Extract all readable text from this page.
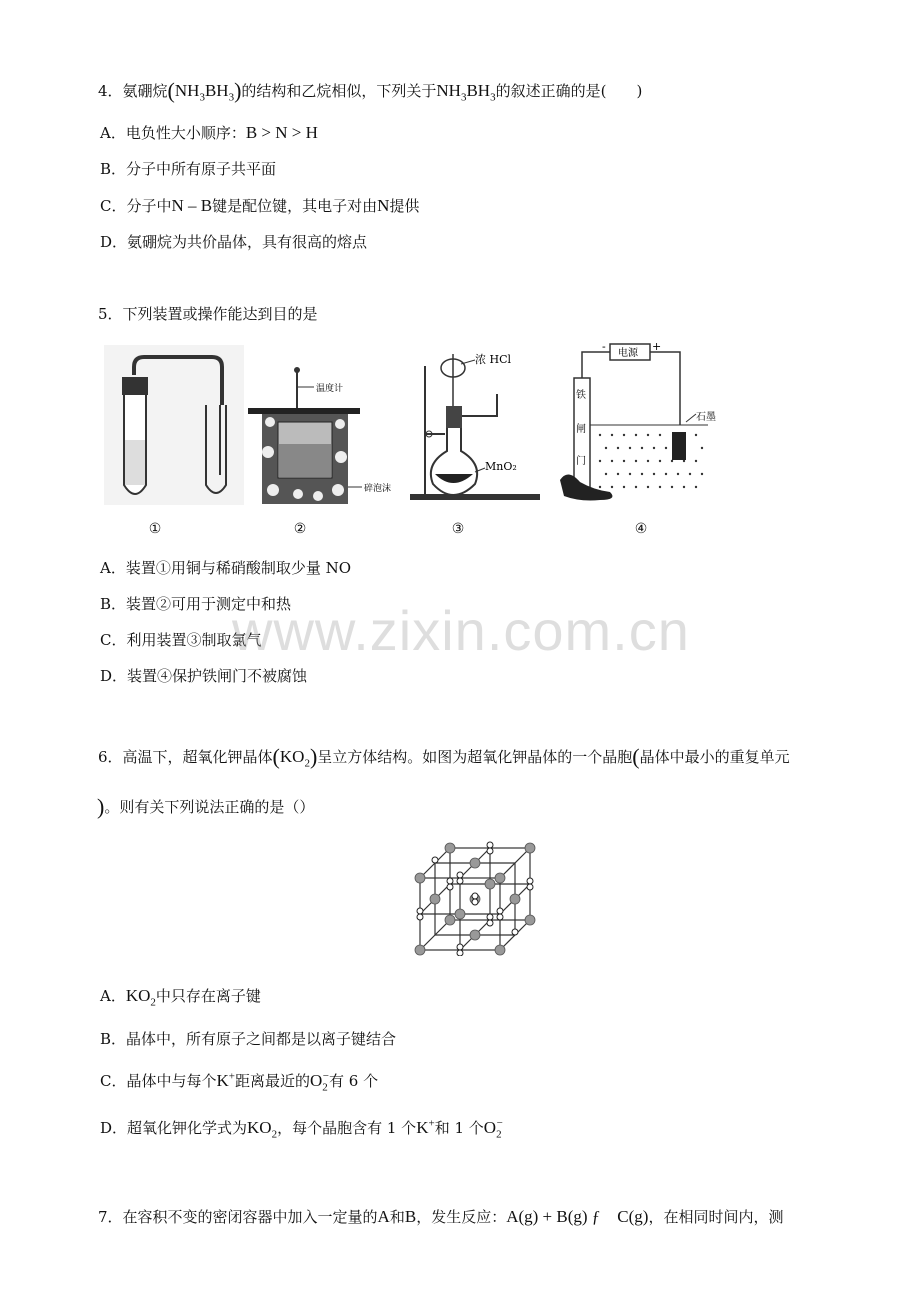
4．氨硼烷$(NH_3BH_3)$的结构和乙烷相似，下列关于$NH_3BH_3$的叙述正确的是(　　)
A．电负性大小顺序：B > N > H
B．分子中所有原子共平面
C．分子中N – B键是配位键，其电子对由N提供
D．氨硼烷为共价晶体，具有很高的熔点
5．下列装置或操作能达到目的是
温度计
碎泡沫
浓 HCl
MnO₂
电源
-	+
铁
闸
门
石墨
①	②	③	④
A．装置①用铜与稀硝酸制取少量 NO
B．装置②可用于测定中和热
C．利用装置③制取氯气
D．装置④保护铁闸门不被腐蚀
www.zixin.com.cn
6．高温下，超氧化钾晶体$(KO_2)$呈立方体结构。如图为超氧化钾晶体的一个晶胞(晶体中最小的重复单元
)。则有关下列说法正确的是（）
A．$KO_2$中只存在离子键
B．晶体中，所有原子之间都是以离子键结合
C．晶体中与每个K+距离最近的$O_2^-$有 6 个
D．超氧化钾化学式为$KO_2$，每个晶胞含有 1 个K+和 1 个$O_2^-$
7．在容积不变的密闭容器中加入一定量的A和B，发生反应：A(g) + B(g) ƒ　C(g)，在相同时间内，测
